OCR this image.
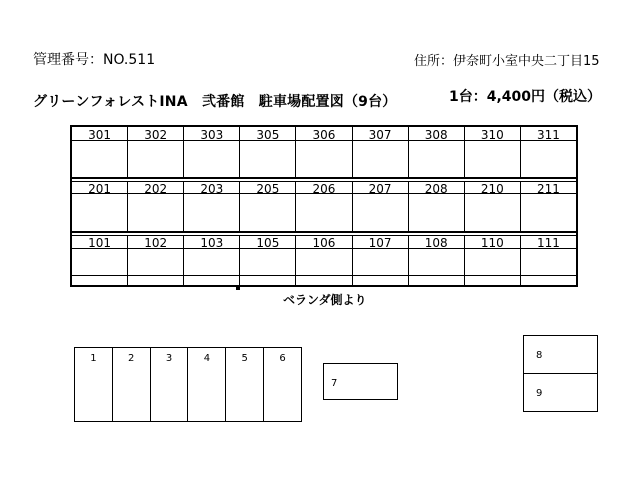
管理番号：NO.511	住所：伊奈町小室中央二丁目15
グリーンフォレストINA　弐番館　駐車場配置図（9台）	1台：4,400円（税込）
301	302	303	305	306	307	308	310	311
201	202	203	205	206	207	208	210	211
101	102	103	105	106	107	108	110	111
ベランダ側より
1	2	3	4	5	6
7
8
9
